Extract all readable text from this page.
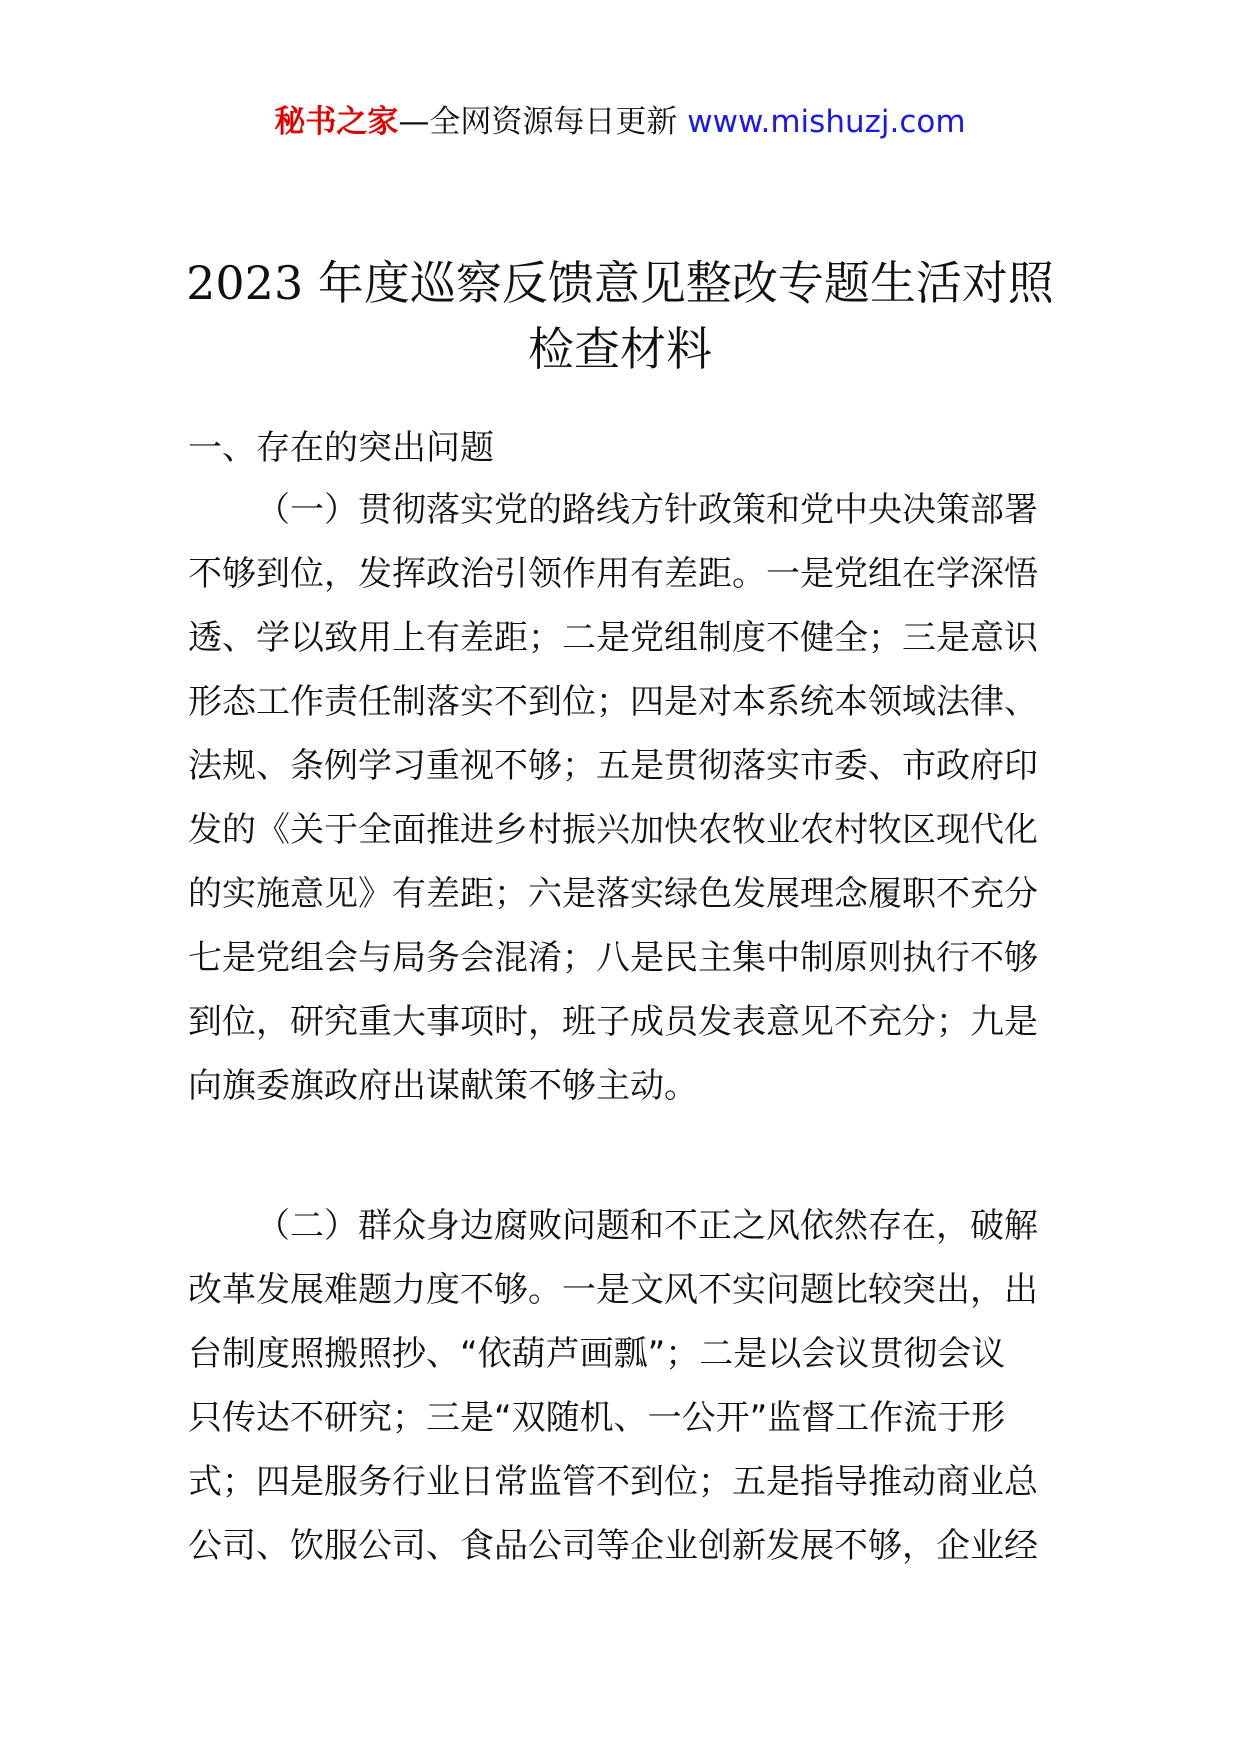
秘书之家—全网资源每日更新 www.mishuzj.com
2023 年度巡察反馈意见整改专题生活对照
检查材料
一、存在的突出问题

（一）贯彻落实党的路线方针政策和党中央决策部署
不够到位，发挥政治引领作用有差距。一是党组在学深悟
透、学以致用上有差距；二是党组制度不健全；三是意识
形态工作责任制落实不到位；四是对本系统本领域法律、
法规、条例学习重视不够；五是贯彻落实市委、市政府印
发的《关于全面推进乡村振兴加快农牧业农村牧区现代化
的实施意见》有差距；六是落实绿色发展理念履职不充分
七是党组会与局务会混淆；八是民主集中制原则执行不够
到位，研究重大事项时，班子成员发表意见不充分；九是
向旗委旗政府出谋献策不够主动。

（二）群众身边腐败问题和不正之风依然存在，破解
改革发展难题力度不够。一是文风不实问题比较突出，出
台制度照搬照抄、“依葫芦画瓢”；二是以会议贯彻会议
只传达不研究；三是“双随机、一公开”监督工作流于形
式；四是服务行业日常监管不到位；五是指导推动商业总
公司、饮服公司、食品公司等企业创新发展不够，企业经
